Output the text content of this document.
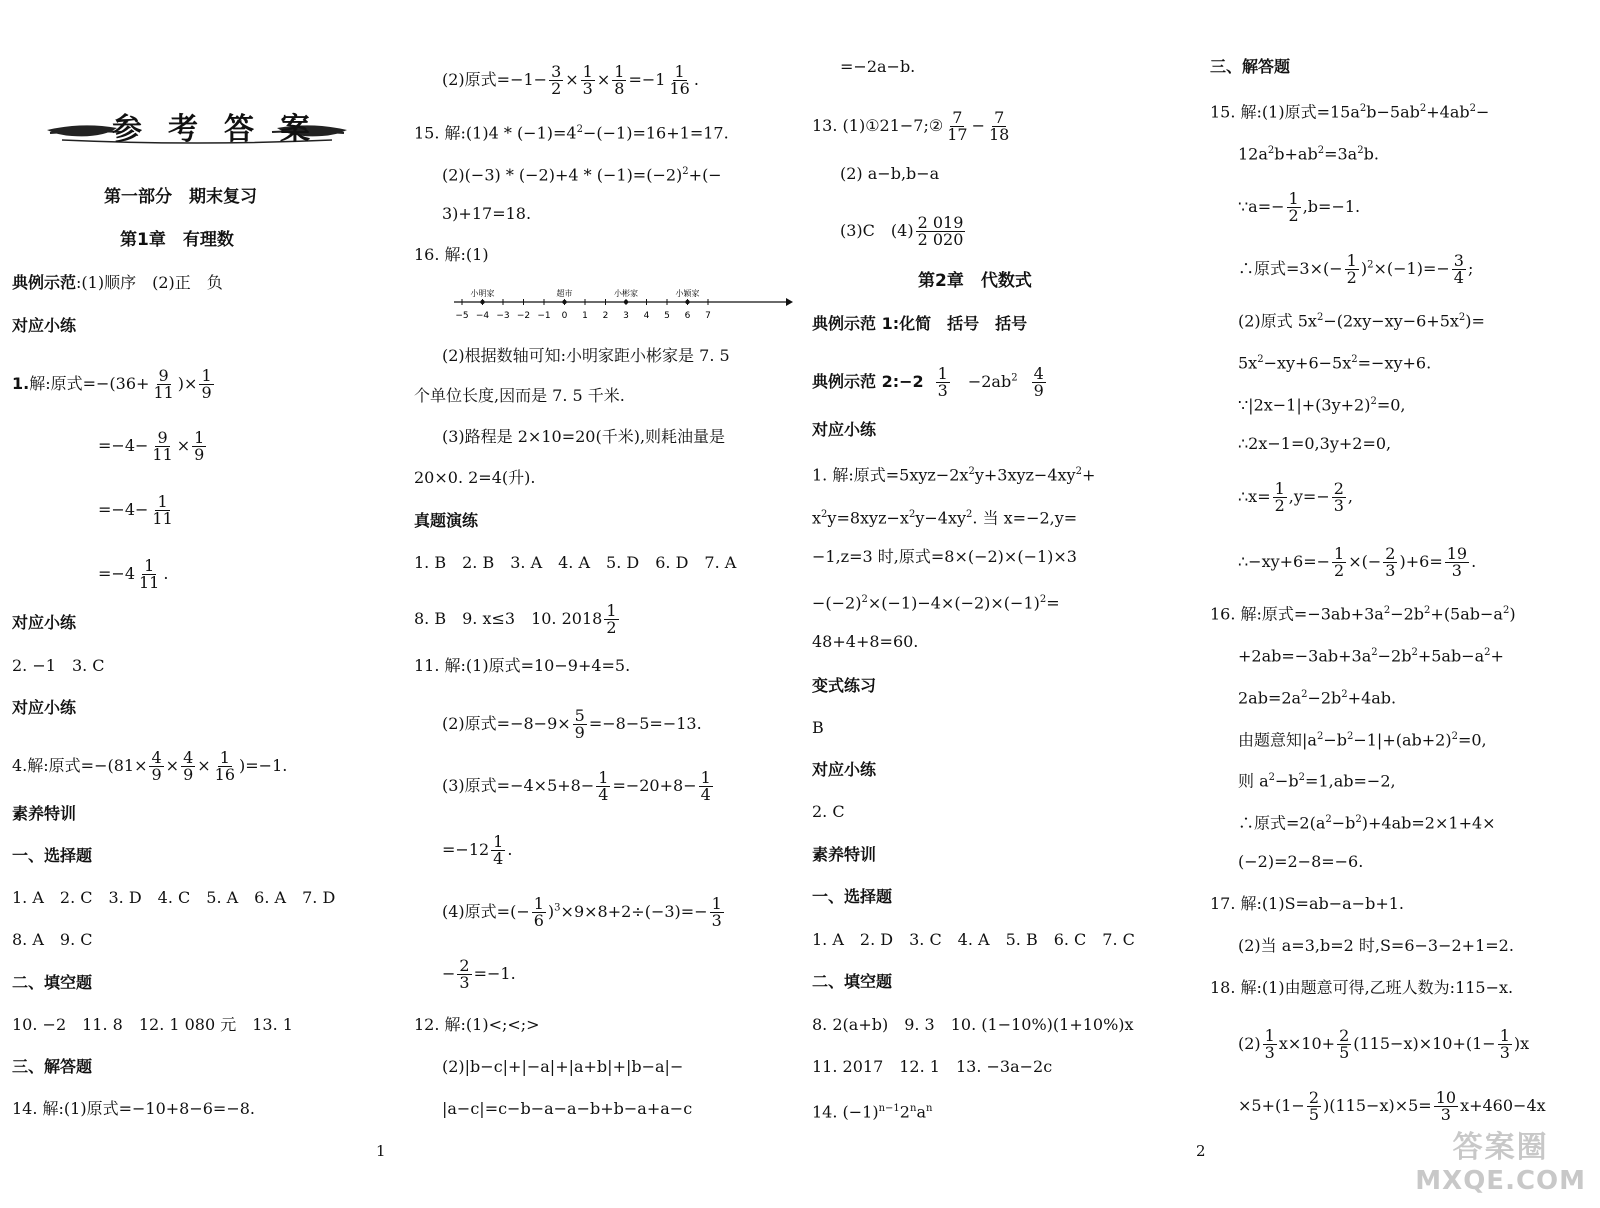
参考答案
第一部分　期末复习
第1章　有理数
典例示范:(1)顺序　(2)正　负
对应小练
1.解:原式$=-(36+ \frac{9}{11}$ )× $\frac{1}{9}$
$=-4- \frac{9}{11} \times \frac{1}{9}$
$=-4- \frac{1}{11}$
$=-4 \frac{1}{11}$ .
对应小练
2. −1　3. C
对应小练
4.解:原式$=-(81\times \frac{4}{9} \times \frac{4}{9} \times \frac{1}{16} )=-1$.
素养特训
一、选择题
1. A　2. C　3. D　4. C　5. A　6. A　7. D
8. A　9. C
二、填空题
10. −2　11. 8　12. 1 080 元　13. 1
三、解答题
14. 解:(1)原式=−10+8−6=−8.
1
(2)原式$=-1- \frac{3}{2} \times \frac{1}{3} \times \frac{1}{8} =-1 \frac{1}{16}$ .
15. 解:(1)4 * $(-1)=4^2-(-1)=16+1=17$.
$(2)(-3) * (-2)+4 * (-1)=(-2)^2+(-$
3)+17=18.
16. 解:(1)
−5 −4 −3 −2 −1 0 1 2 3 4 5 6 7
小明家	超市	小彬家	小颖家
(2)根据数轴可知:小明家距小彬家是 7. 5
个单位长度,因而是 7. 5 千米.
(3)路程是 2×10=20(千米),则耗油量是
20×0. 2=4(升).
真题演练
1. B　2. B　3. A　4. A　5. D　6. D　7. A
8. B　9. x≤3　10. $2018 \frac{1}{2}$
11. 解:(1)原式=10−9+4=5.
(2)原式$=-8-9\times \frac{5}{9} =-8-5=-13$.
(3)原式$=-4\times 5+8- \frac{1}{4} =-20+8- \frac{1}{4}$
$=-12 \frac{1}{4}$ .
(4)原式=(− $\frac{1}{6} )^3\times 9\times 8+2\div(-3)=- \frac{1}{3}$
− $\frac{2}{3} =-1$.
12. 解:(1)<;<;>
(2)|b−c|+|−a|+|a+b|+|b−a|−
|a−c|=c−b−a−a−b+b−a+a−c
=−2a−b.
13. (1)①21−7;② $\frac{7}{17} - \frac{7}{18}$
(2) a−b,b−a
(3)C　$(4) \frac{2 019}{2 020}$
第2章　代数式
典例示范 1:化简　括号　括号
典例示范 2:−2 $\frac{1}{3} -2ab^2 \frac{4}{9}$
对应小练
1. 解:原式$=5xyz-2x^2y+3xyz-4xy^2+$
$x^2y=8xyz-x^2y-4xy^2$. 当 x=−2,y=
−1,z=3 时,原式=8×(−2)×(−1)×3
$-(-2)^2\times(-1)-4\times(-2)\times(-1)^2=$
48+4+8=60.
变式练习
B
对应小练
2. C
素养特训
一、选择题
1. A　2. D　3. C　4. A　5. B　6. C　7. C
二、填空题
8. 2(a+b)　9. 3　10. (1−10%)(1+10%)x
11. 2017　12. 1　13. −3a−2c
14. $(-1)^{n-1}2^na^n$
三、解答题
15. 解:(1)原式$=15a^2b-5ab^2+4ab^2-$
$12a^2b+ab^2=3a^2b$.
∵a=− $\frac{1}{2} ,b=-1$.
∴原式$=3\times(- \frac{1}{2} )^2\times(-1)=- \frac{3}{4}$ ;
(2)原式 $5x^2-(2xy-xy-6+5x^2)=$
$5x^2-xy+6-5x^2=-xy+6$.
$\because|2x-1|+(3y+2)^2=0$,
∴2x−1=0,3y+2=0,
∴x= $\frac{1}{2} ,y=- \frac{2}{3}$ ,
∴−xy+6=− $\frac{1}{2}$ ×(− $\frac{2}{3} )+6= \frac{19}{3}$ .
16. 解:原式$=-3ab+3a^2-2b^2+(5ab-a^2)$
$+2ab=-3ab+3a^2-2b^2+5ab-a^2+$
$2ab=2a^2-2b^2+4ab$.
由题意知$|a^2-b^2-1|+(ab+2)^2=0$,
则 $a^2-b^2=1,ab=-2$,
∴原式$=2(a^2-b^2)+4ab=2\times 1+4\times$
(−2)=2−8=−6.
17. 解:(1)S=ab−a−b+1.
(2)当 a=3,b=2 时,S=6−3−2+1=2.
18. 解:(1)由题意可得,乙班人数为:115−x.
$(2) \frac{1}{3} x\times 10+ \frac{2}{5} (115-x)\times 10+(1- \frac{1}{3} )x$
$\times 5+(1- \frac{2}{5} )(115-x)\times 5= \frac{10}{3} x+460-4x$
2	答案圈
MXQE.COM
